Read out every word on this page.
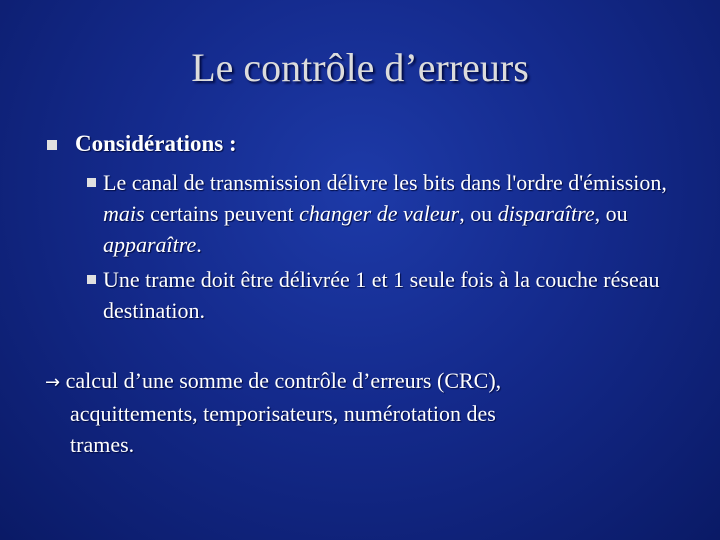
Le contrôle d’erreurs
Considérations :
Le canal de transmission délivre les bits dans l'ordre d'émission, mais certains peuvent changer de valeur, ou disparaître, ou apparaître.
Une trame doit être délivrée 1 et 1 seule fois à la couche réseau destination.
→ calcul d’une somme de contrôle d’erreurs (CRC),
acquittements, temporisateurs, numérotation des
trames.
